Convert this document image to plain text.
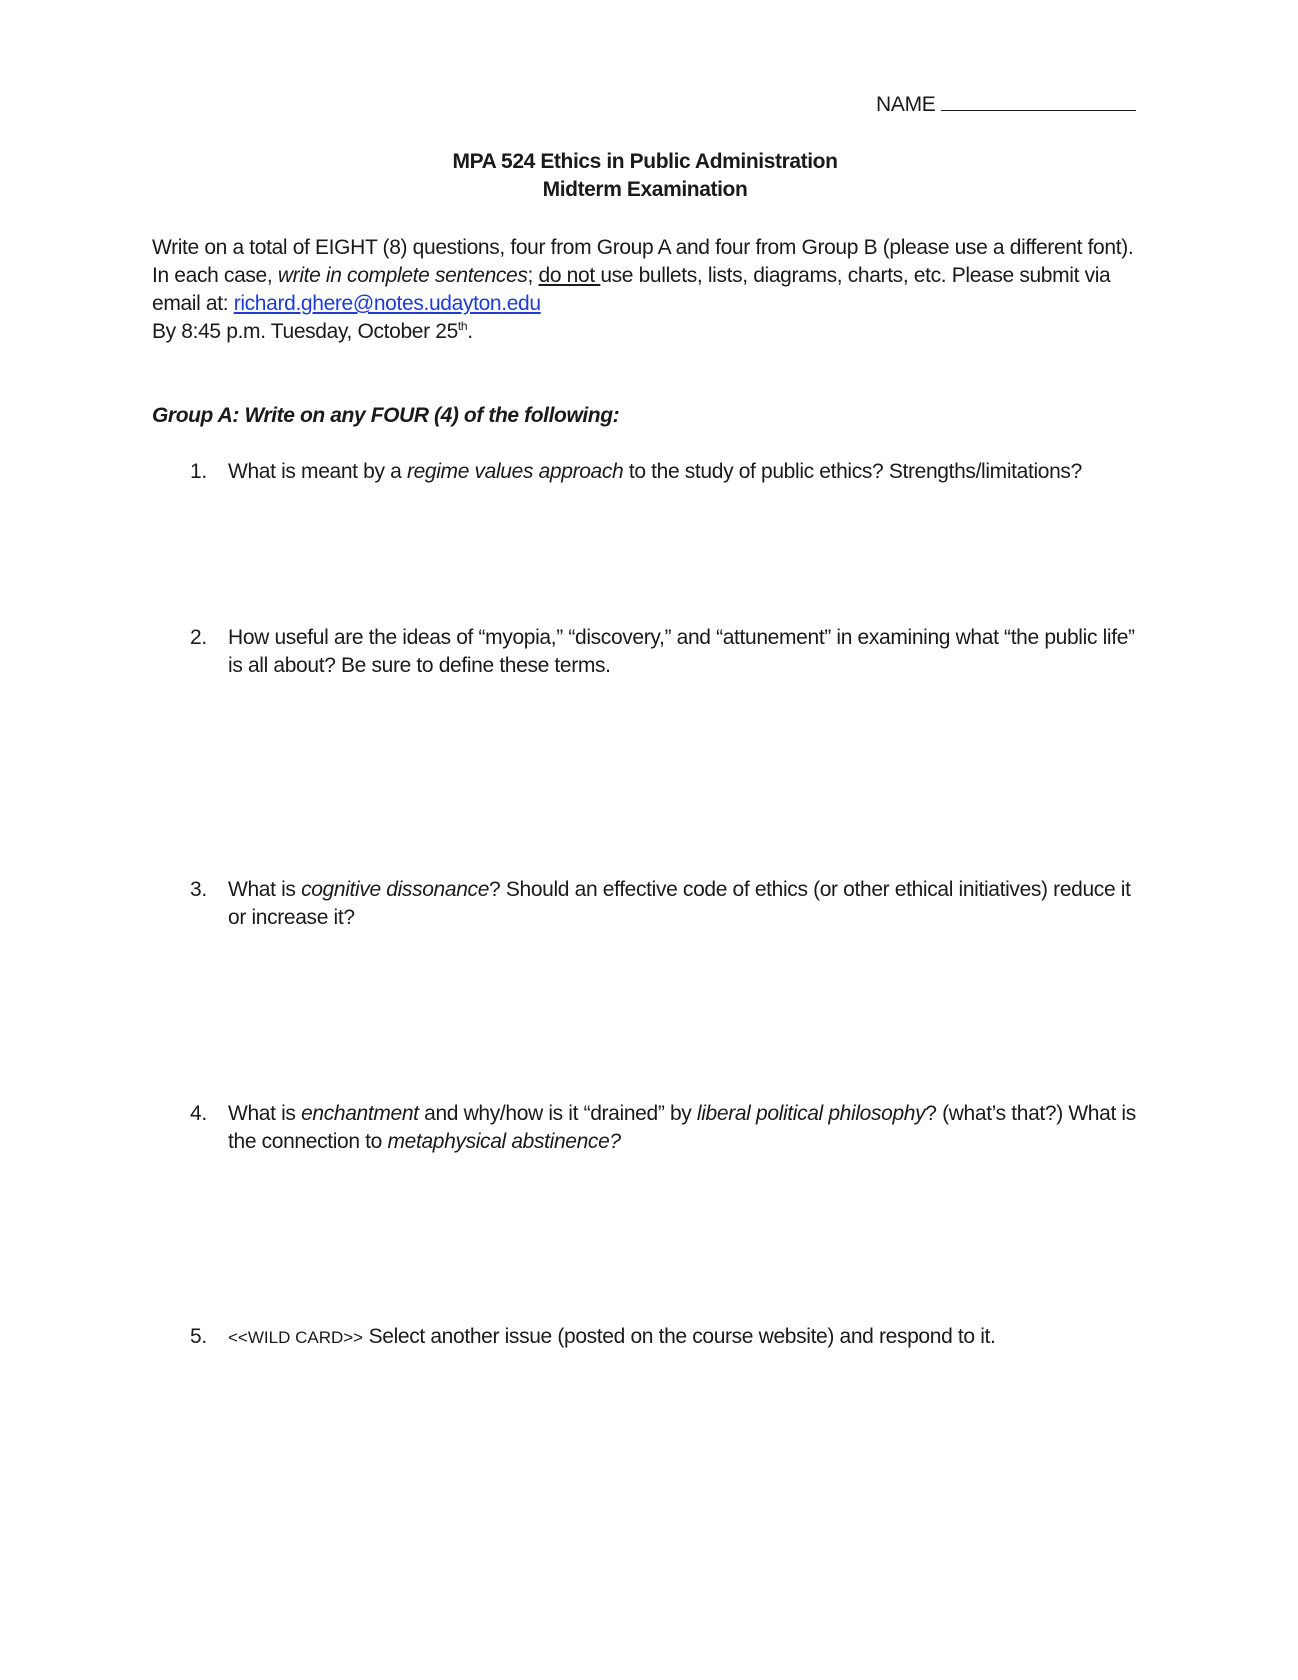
NAME
MPA 524 Ethics in Public Administration
Midterm Examination
Write on a total of EIGHT (8) questions, four from Group A and four from Group B (please use a different font). In each case, write in complete sentences; do not use bullets, lists, diagrams, charts, etc. Please submit via email at: richard.ghere@notes.udayton.edu
By 8:45 p.m. Tuesday, October 25th.
Group A: Write on any FOUR (4) of the following:
1.	What is meant by a regime values approach to the study of public ethics? Strengths/limitations?
2.	How useful are the ideas of “myopia,” “discovery,” and “attunement” in examining what “the public life” is all about? Be sure to define these terms.
3.	What is cognitive dissonance? Should an effective code of ethics (or other ethical initiatives) reduce it or increase it?
4.	What is enchantment and why/how is it “drained” by liberal political philosophy? (what’s that?) What is the connection to metaphysical abstinence?
5.	<<WILD CARD>> Select another issue (posted on the course website) and respond to it.
